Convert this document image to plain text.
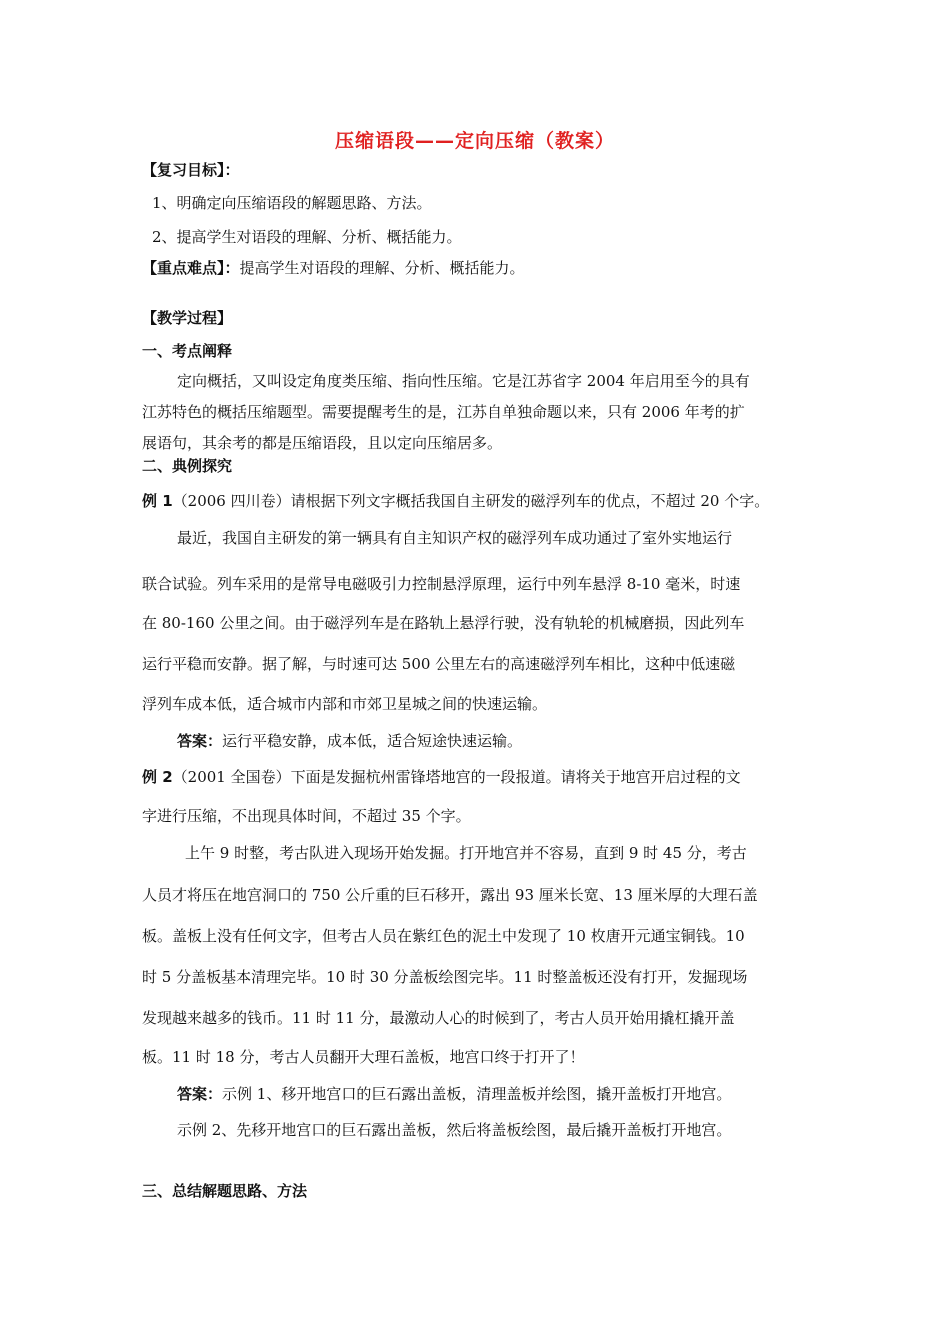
压缩语段——定向压缩（教案）
【复习目标】：
1、明确定向压缩语段的解题思路、方法。
2、提高学生对语段的理解、分析、概括能力。
【重点难点】：提高学生对语段的理解、分析、概括能力。
【教学过程】
一、考点阐释
定向概括，又叫设定角度类压缩、指向性压缩。它是江苏省字 2004 年启用至今的具有
江苏特色的概括压缩题型。需要提醒考生的是，江苏自单独命题以来，只有 2006 年考的扩
展语句，其余考的都是压缩语段，且以定向压缩居多。
二、典例探究
例 1（2006 四川卷）请根据下列文字概括我国自主研发的磁浮列车的优点，不超过 20 个字。
最近，我国自主研发的第一辆具有自主知识产权的磁浮列车成功通过了室外实地运行
联合试验。列车采用的是常导电磁吸引力控制悬浮原理，运行中列车悬浮 8-10 毫米，时速
在 80-160 公里之间。由于磁浮列车是在路轨上悬浮行驶，没有轨轮的机械磨损，因此列车
运行平稳而安静。据了解，与时速可达 500 公里左右的高速磁浮列车相比，这种中低速磁
浮列车成本低，适合城市内部和市郊卫星城之间的快速运输。
答案：运行平稳安静，成本低，适合短途快速运输。
例 2（2001 全国卷）下面是发掘杭州雷锋塔地宫的一段报道。请将关于地宫开启过程的文
字进行压缩，不出现具体时间，不超过 35 个字。
上午 9 时整，考古队进入现场开始发掘。打开地宫并不容易，直到 9 时 45 分，考古
人员才将压在地宫洞口的 750 公斤重的巨石移开，露出 93 厘米长宽、13 厘米厚的大理石盖
板。盖板上没有任何文字，但考古人员在紫红色的泥土中发现了 10 枚唐开元通宝铜钱。10
时 5 分盖板基本清理完毕。10 时 30 分盖板绘图完毕。11 时整盖板还没有打开，发掘现场
发现越来越多的钱币。11 时 11 分，最激动人心的时候到了，考古人员开始用撬杠撬开盖
板。11 时 18 分，考古人员翻开大理石盖板，地宫口终于打开了！
答案：示例 1、移开地宫口的巨石露出盖板，清理盖板并绘图，撬开盖板打开地宫。
示例 2、先移开地宫口的巨石露出盖板，然后将盖板绘图，最后撬开盖板打开地宫。
三、总结解题思路、方法
